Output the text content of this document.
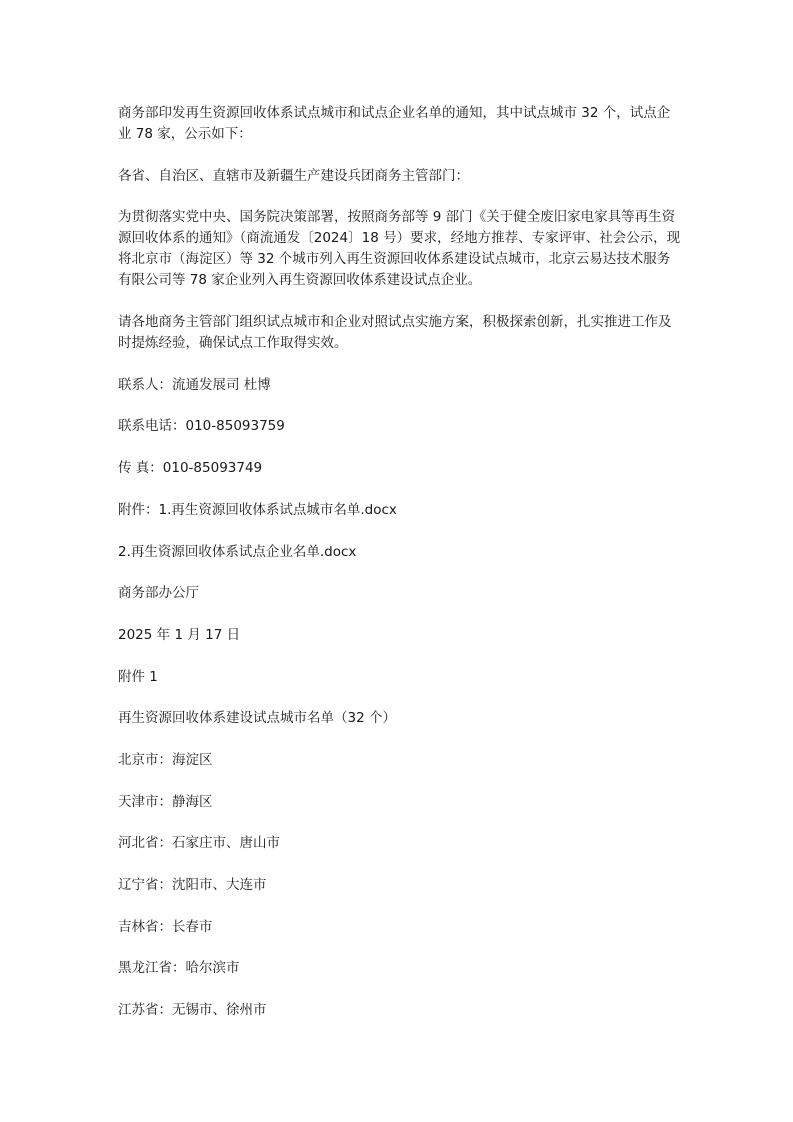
商务部印发再生资源回收体系试点城市和试点企业名单的通知，其中试点城市 32 个，试点企业 78 家，公示如下：

各省、自治区、直辖市及新疆生产建设兵团商务主管部门：

为贯彻落实党中央、国务院决策部署，按照商务部等 9 部门《关于健全废旧家电家具等再生资源回收体系的通知》（商流通发〔2024〕18 号）要求，经地方推荐、专家评审、社会公示，现将北京市（海淀区）等 32 个城市列入再生资源回收体系建设试点城市，北京云易达技术服务有限公司等 78 家企业列入再生资源回收体系建设试点企业。

请各地商务主管部门组织试点城市和企业对照试点实施方案，积极探索创新，扎实推进工作及时提炼经验，确保试点工作取得实效。

联系人：流通发展司 杜博

联系电话：010-85093759

传 真：010-85093749

附件：1.再生资源回收体系试点城市名单.docx

2.再生资源回收体系试点企业名单.docx

商务部办公厅

2025 年 1 月 17 日

附件 1

再生资源回收体系建设试点城市名单（32 个）

北京市：海淀区

天津市：静海区

河北省：石家庄市、唐山市

辽宁省：沈阳市、大连市

吉林省：长春市

黑龙江省：哈尔滨市

江苏省：无锡市、徐州市
